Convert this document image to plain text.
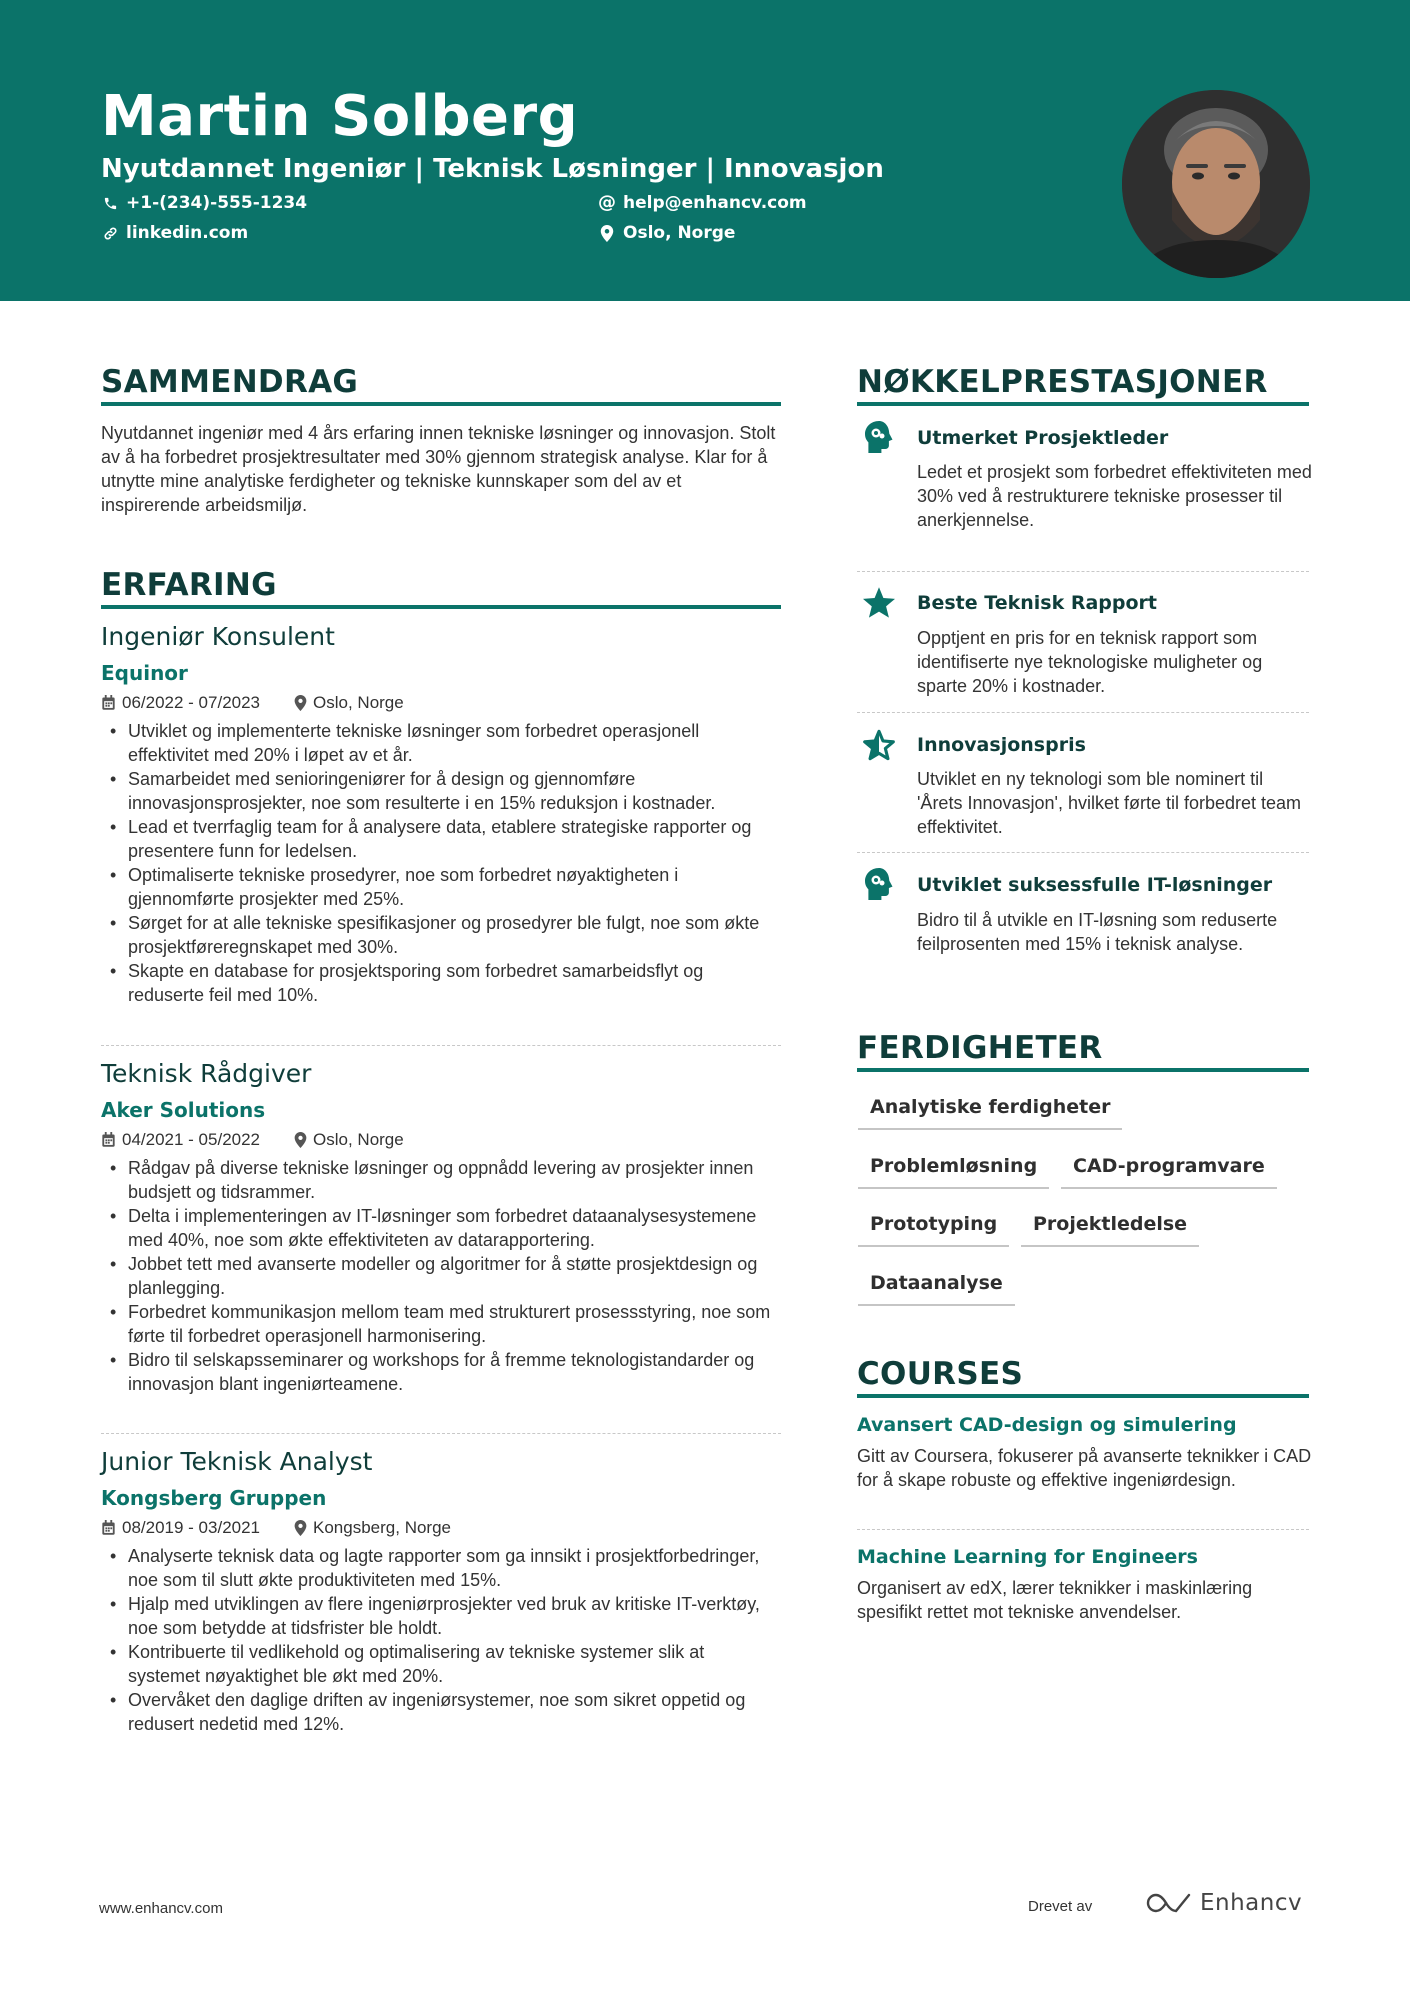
Martin Solberg
Nyutdannet Ingeniør | Teknisk Løsninger | Innovasjon
+1-(234)-555-1234	@ help@enhancv.com
linkedin.com	Oslo, Norge
SAMMENDRAG
Nyutdannet ingeniør med 4 års erfaring innen tekniske løsninger og innovasjon. Stolt av å ha forbedret prosjektresultater med 30% gjennom strategisk analyse. Klar for å utnytte mine analytiske ferdigheter og tekniske kunnskaper som del av et inspirerende arbeidsmiljø.
ERFARING
Ingeniør Konsulent
Equinor
06/2022 - 07/2023	Oslo, Norge
• Utviklet og implementerte tekniske løsninger som forbedret operasjonell effektivitet med 20% i løpet av et år.
• Samarbeidet med senioringeniører for å design og gjennomføre innovasjonsprosjekter, noe som resulterte i en 15% reduksjon i kostnader.
• Lead et tverrfaglig team for å analysere data, etablere strategiske rapporter og presentere funn for ledelsen.
• Optimaliserte tekniske prosedyrer, noe som forbedret nøyaktigheten i gjennomførte prosjekter med 25%.
• Sørget for at alle tekniske spesifikasjoner og prosedyrer ble fulgt, noe som økte prosjektføreregnskapet med 30%.
• Skapte en database for prosjektsporing som forbedret samarbeidsflyt og reduserte feil med 10%.
Teknisk Rådgiver
Aker Solutions
04/2021 - 05/2022	Oslo, Norge
• Rådgav på diverse tekniske løsninger og oppnådd levering av prosjekter innen budsjett og tidsrammer.
• Delta i implementeringen av IT-løsninger som forbedret dataanalysesystemene med 40%, noe som økte effektiviteten av datarapportering.
• Jobbet tett med avanserte modeller og algoritmer for å støtte prosjektdesign og planlegging.
• Forbedret kommunikasjon mellom team med strukturert prosessstyring, noe som førte til forbedret operasjonell harmonisering.
• Bidro til selskapsseminarer og workshops for å fremme teknologistandarder og innovasjon blant ingeniørteamene.
Junior Teknisk Analyst
Kongsberg Gruppen
08/2019 - 03/2021	Kongsberg, Norge
• Analyserte teknisk data og lagte rapporter som ga innsikt i prosjektforbedringer, noe som til slutt økte produktiviteten med 15%.
• Hjalp med utviklingen av flere ingeniørprosjekter ved bruk av kritiske IT-verktøy, noe som betydde at tidsfrister ble holdt.
• Kontribuerte til vedlikehold og optimalisering av tekniske systemer slik at systemet nøyaktighet ble økt med 20%.
• Overvåket den daglige driften av ingeniørsystemer, noe som sikret oppetid og redusert nedetid med 12%.
NØKKELPRESTASJONER
Utmerket Prosjektleder
Ledet et prosjekt som forbedret effektiviteten med 30% ved å restrukturere tekniske prosesser til anerkjennelse.
Beste Teknisk Rapport
Opptjent en pris for en teknisk rapport som identifiserte nye teknologiske muligheter og sparte 20% i kostnader.
Innovasjonspris
Utviklet en ny teknologi som ble nominert til 'Årets Innovasjon', hvilket førte til forbedret team effektivitet.
Utviklet suksessfulle IT-løsninger
Bidro til å utvikle en IT-løsning som reduserte feilprosenten med 15% i teknisk analyse.
FERDIGHETER
Analytiske ferdigheter
Problemløsning	CAD-programvare
Prototyping	Projektledelse
Dataanalyse
COURSES
Avansert CAD-design og simulering
Gitt av Coursera, fokuserer på avanserte teknikker i CAD for å skape robuste og effektive ingeniørdesign.
Machine Learning for Engineers
Organisert av edX, lærer teknikker i maskinlæring spesifikt rettet mot tekniske anvendelser.
www.enhancv.com	Drevet av	Enhancv
